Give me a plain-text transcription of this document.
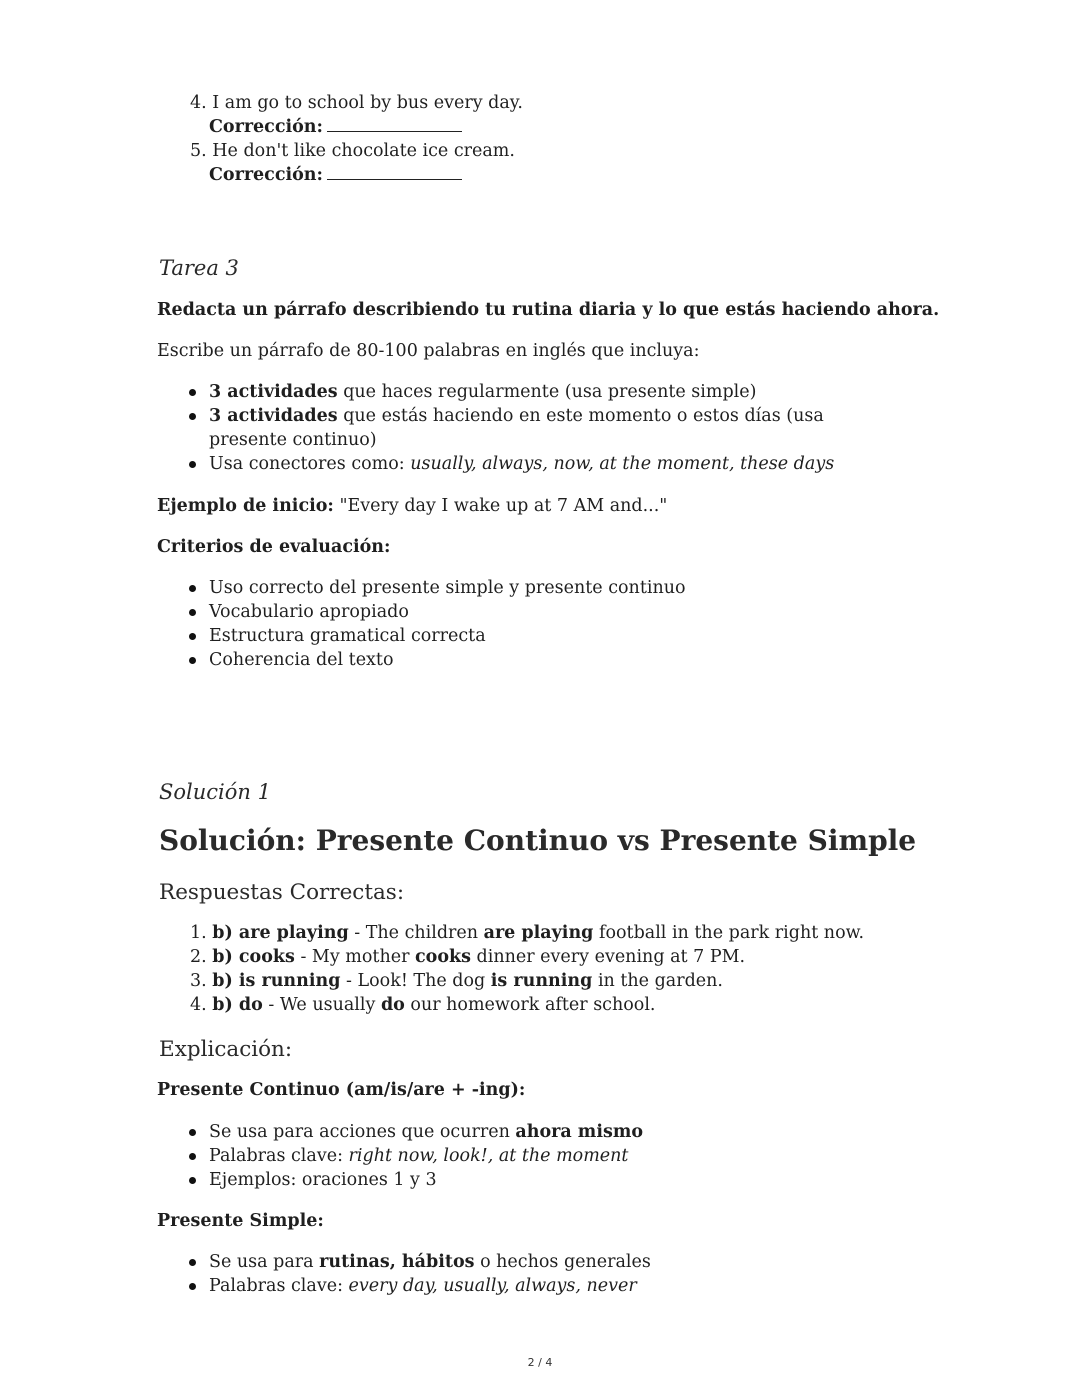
4. I am go to school by bus every day.
Corrección:
5. He don't like chocolate ice cream.
Corrección:
Tarea 3

Redacta un párrafo describiendo tu rutina diaria y lo que estás haciendo ahora.

Escribe un párrafo de 80-100 palabras en inglés que incluya:

3 actividades que haces regularmente (usa presente simple)
3 actividades que estás haciendo en este momento o estos días (usa presente continuo)
Usa conectores como: usually, always, now, at the moment, these days

Ejemplo de inicio: "Every day I wake up at 7 AM and..."

Criterios de evaluación:

Uso correcto del presente simple y presente continuo
Vocabulario apropiado
Estructura gramatical correcta
Coherencia del texto
Solución 1
Solución: Presente Continuo vs Presente Simple
Respuestas Correctas:
1. b) are playing - The children are playing football in the park right now.
2. b) cooks - My mother cooks dinner every evening at 7 PM.
3. b) is running - Look! The dog is running in the garden.
4. b) do - We usually do our homework after school.
Explicación:

Presente Continuo (am/is/are + -ing):

Se usa para acciones que ocurren ahora mismo
Palabras clave: right now, look!, at the moment
Ejemplos: oraciones 1 y 3

Presente Simple:

Se usa para rutinas, hábitos o hechos generales
Palabras clave: every day, usually, always, never
2 / 4
